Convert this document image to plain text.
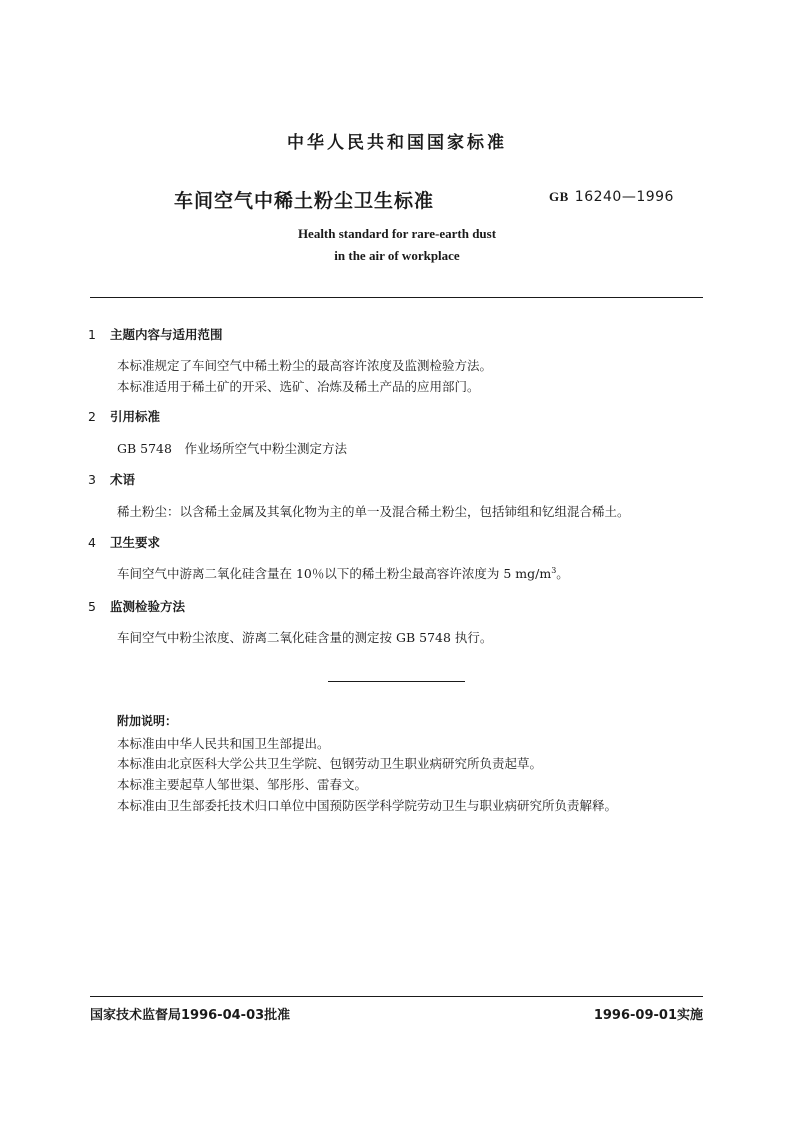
中华人民共和国国家标准
车间空气中稀土粉尘卫生标准	GB 16240—1996
Health standard for rare-earth dust
in the air of workplace
1 主题内容与适用范围
本标准规定了车间空气中稀土粉尘的最高容许浓度及监测检验方法。
本标准适用于稀土矿的开采、选矿、冶炼及稀土产品的应用部门。
2 引用标准
GB 5748　作业场所空气中粉尘测定方法
3 术语
稀土粉尘：以含稀土金属及其氧化物为主的单一及混合稀土粉尘，包括铈组和钇组混合稀土。
4 卫生要求
车间空气中游离二氧化硅含量在 10％以下的稀土粉尘最高容许浓度为 5 $mg/m^3$。
5 监测检验方法
车间空气中粉尘浓度、游离二氧化硅含量的测定按 GB 5748 执行。
附加说明：
本标准由中华人民共和国卫生部提出。
本标准由北京医科大学公共卫生学院、包钢劳动卫生职业病研究所负责起草。
本标准主要起草人邹世渠、邹彤彤、雷春文。
本标准由卫生部委托技术归口单位中国预防医学科学院劳动卫生与职业病研究所负责解释。
国家技术监督局1996-04-03批准	1996-09-01实施
